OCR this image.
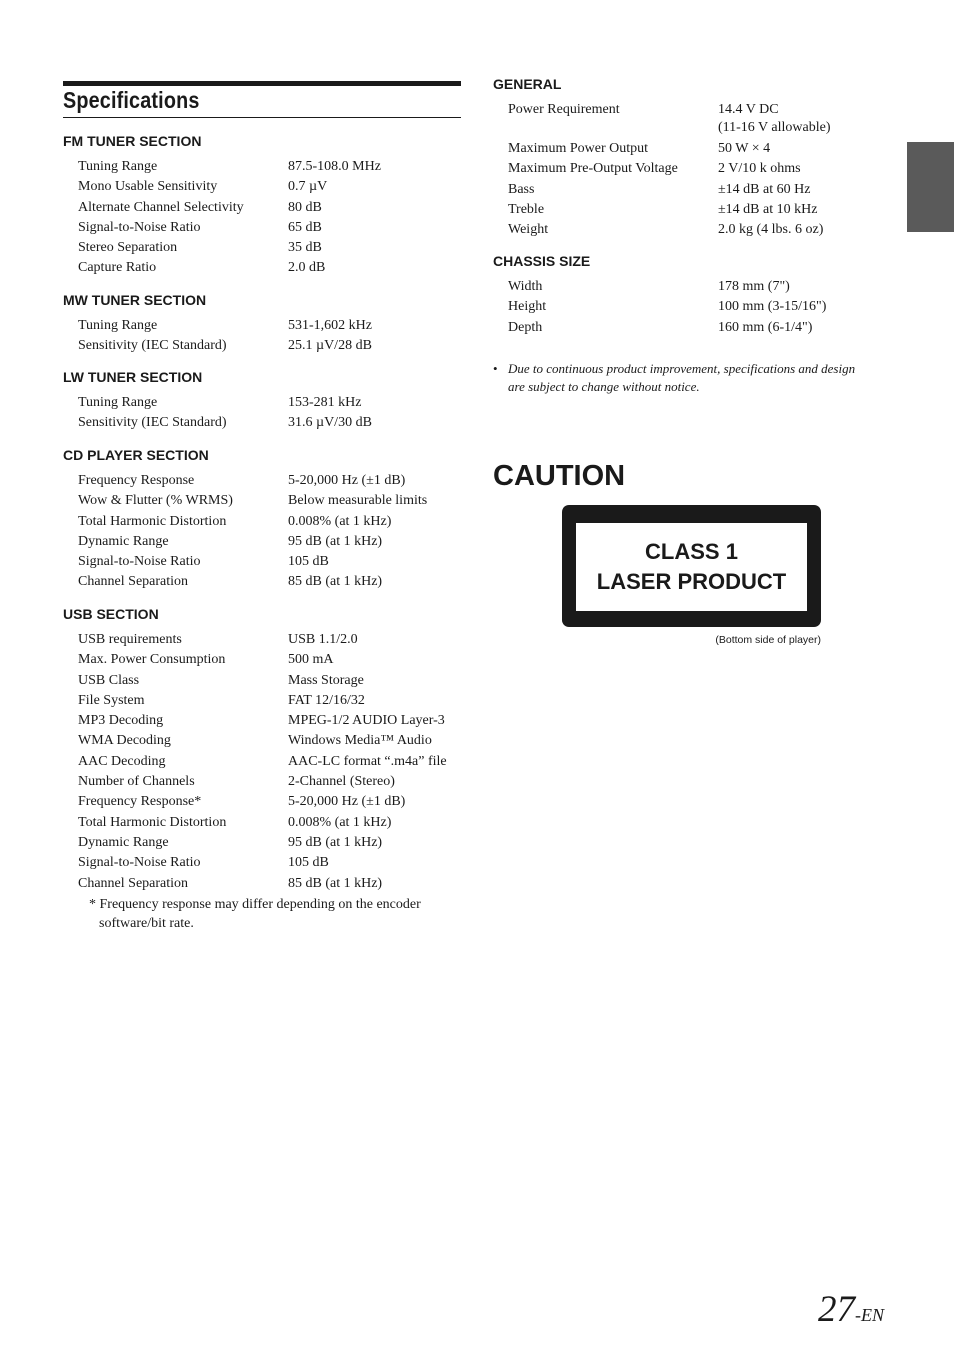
Specifications
FM TUNER SECTION
Tuning Range	87.5-108.0 MHz
Mono Usable Sensitivity	0.7 µV
Alternate Channel Selectivity	80 dB
Signal-to-Noise Ratio	65 dB
Stereo Separation	35 dB
Capture Ratio	2.0 dB
MW TUNER SECTION
Tuning Range	531-1,602 kHz
Sensitivity (IEC Standard)	25.1 µV/28 dB
LW TUNER SECTION
Tuning Range	153-281 kHz
Sensitivity (IEC Standard)	31.6 µV/30 dB
CD PLAYER SECTION
Frequency Response	5-20,000 Hz (±1 dB)
Wow & Flutter (% WRMS)	Below measurable limits
Total Harmonic Distortion	0.008% (at 1 kHz)
Dynamic Range	95 dB (at 1 kHz)
Signal-to-Noise Ratio	105 dB
Channel Separation	85 dB (at 1 kHz)
USB SECTION
USB requirements	USB 1.1/2.0
Max. Power Consumption	500 mA
USB Class	Mass Storage
File System	FAT 12/16/32
MP3 Decoding	MPEG-1/2 AUDIO Layer-3
WMA Decoding	Windows Media™ Audio
AAC Decoding	AAC-LC format “.m4a” file
Number of Channels	2-Channel (Stereo)
Frequency Response*	5-20,000 Hz (±1 dB)
Total Harmonic Distortion	0.008% (at 1 kHz)
Dynamic Range	95 dB (at 1 kHz)
Signal-to-Noise Ratio	105 dB
Channel Separation	85 dB (at 1 kHz)
* Frequency response may differ depending on the encoder
software/bit rate.
GENERAL
Power Requirement	14.4 V DC
(11-16 V allowable)
Maximum Power Output	50 W × 4
Maximum Pre-Output Voltage	2 V/10 k ohms
Bass	±14 dB at 60 Hz
Treble	±14 dB at 10 kHz
Weight	2.0 kg (4 lbs. 6 oz)
CHASSIS SIZE
Width	178 mm (7")
Height	100 mm (3-15/16")
Depth	160 mm (6-1/4")
• Due to continuous product improvement, specifications and design
are subject to change without notice.
CAUTION
CLASS 1
LASER PRODUCT
(Bottom side of player)
27-EN
